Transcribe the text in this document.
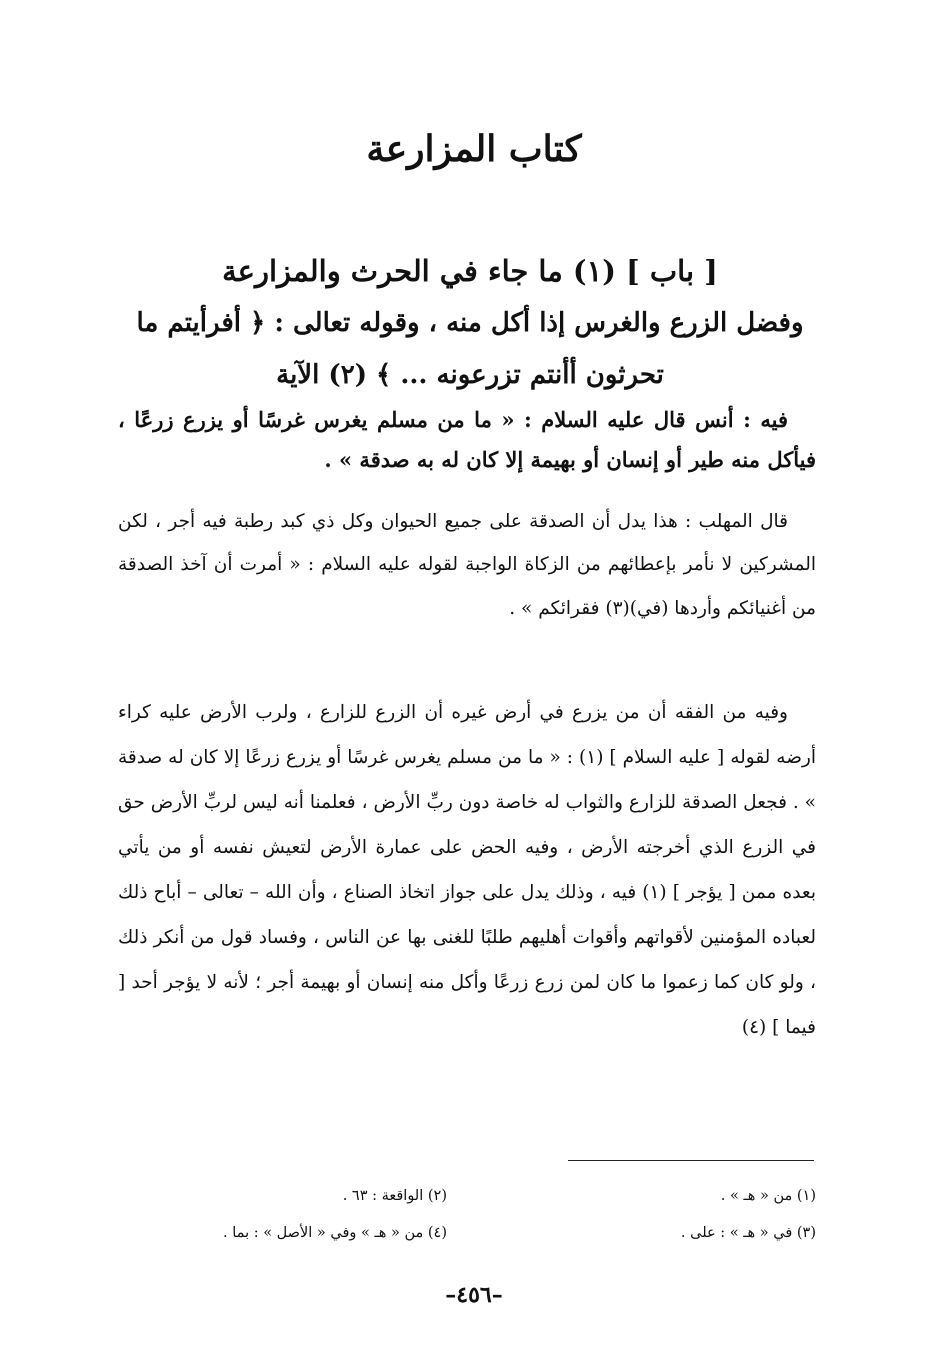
كتاب المزارعة
[ باب ] (١) ما جاء في الحرث والمزارعة
وفضل الزرع والغرس إذا أكل منه ، وقوله تعالى : ﴿ أفرأيتم ما
تحرثون أأنتم تزرعونه ... ﴾ (٢) الآية
فيه : أنس قال عليه السلام : « ما من مسلم يغرس غرسًا أو يزرع زرعًا ، فيأكل منه طير أو إنسان أو بهيمة إلا كان له به صدقة » .
قال المهلب : هذا يدل أن الصدقة على جميع الحيوان وكل ذي كبد رطبة فيه أجر ، لكن المشركين لا نأمر بإعطائهم من الزكاة الواجبة لقوله عليه السلام : « أمرت أن آخذ الصدقة من أغنيائكم وأردها (في)(٣) فقرائكم » .
وفيه من الفقه أن من يزرع في أرض غيره أن الزرع للزارع ، ولرب الأرض عليه كراء أرضه لقوله [ عليه السلام ] (١) : « ما من مسلم يغرس غرسًا أو يزرع زرعًا إلا كان له صدقة » . فجعل الصدقة للزارع والثواب له خاصة دون ربِّ الأرض ، فعلمنا أنه ليس لربِّ الأرض حق في الزرع الذي أخرجته الأرض ، وفيه الحض على عمارة الأرض لتعيش نفسه أو من يأتي بعده ممن [ يؤجر ] (١) فيه ، وذلك يدل على جواز اتخاذ الصناع ، وأن الله – تعالى – أباح ذلك لعباده المؤمنين لأقواتهم وأقوات أهليهم طلبًا للغنى بها عن الناس ، وفساد قول من أنكر ذلك ، ولو كان كما زعموا ما كان لمن زرع زرعًا وأكل منه إنسان أو بهيمة أجر ؛ لأنه لا يؤجر أحد [ فيما ] (٤)
(١) من « هـ » .
(٢) الواقعة : ٦٣ .
(٣) في « هـ » : على .
(٤) من « هـ » وفي « الأصل » : بما .
–٤٥٦–
